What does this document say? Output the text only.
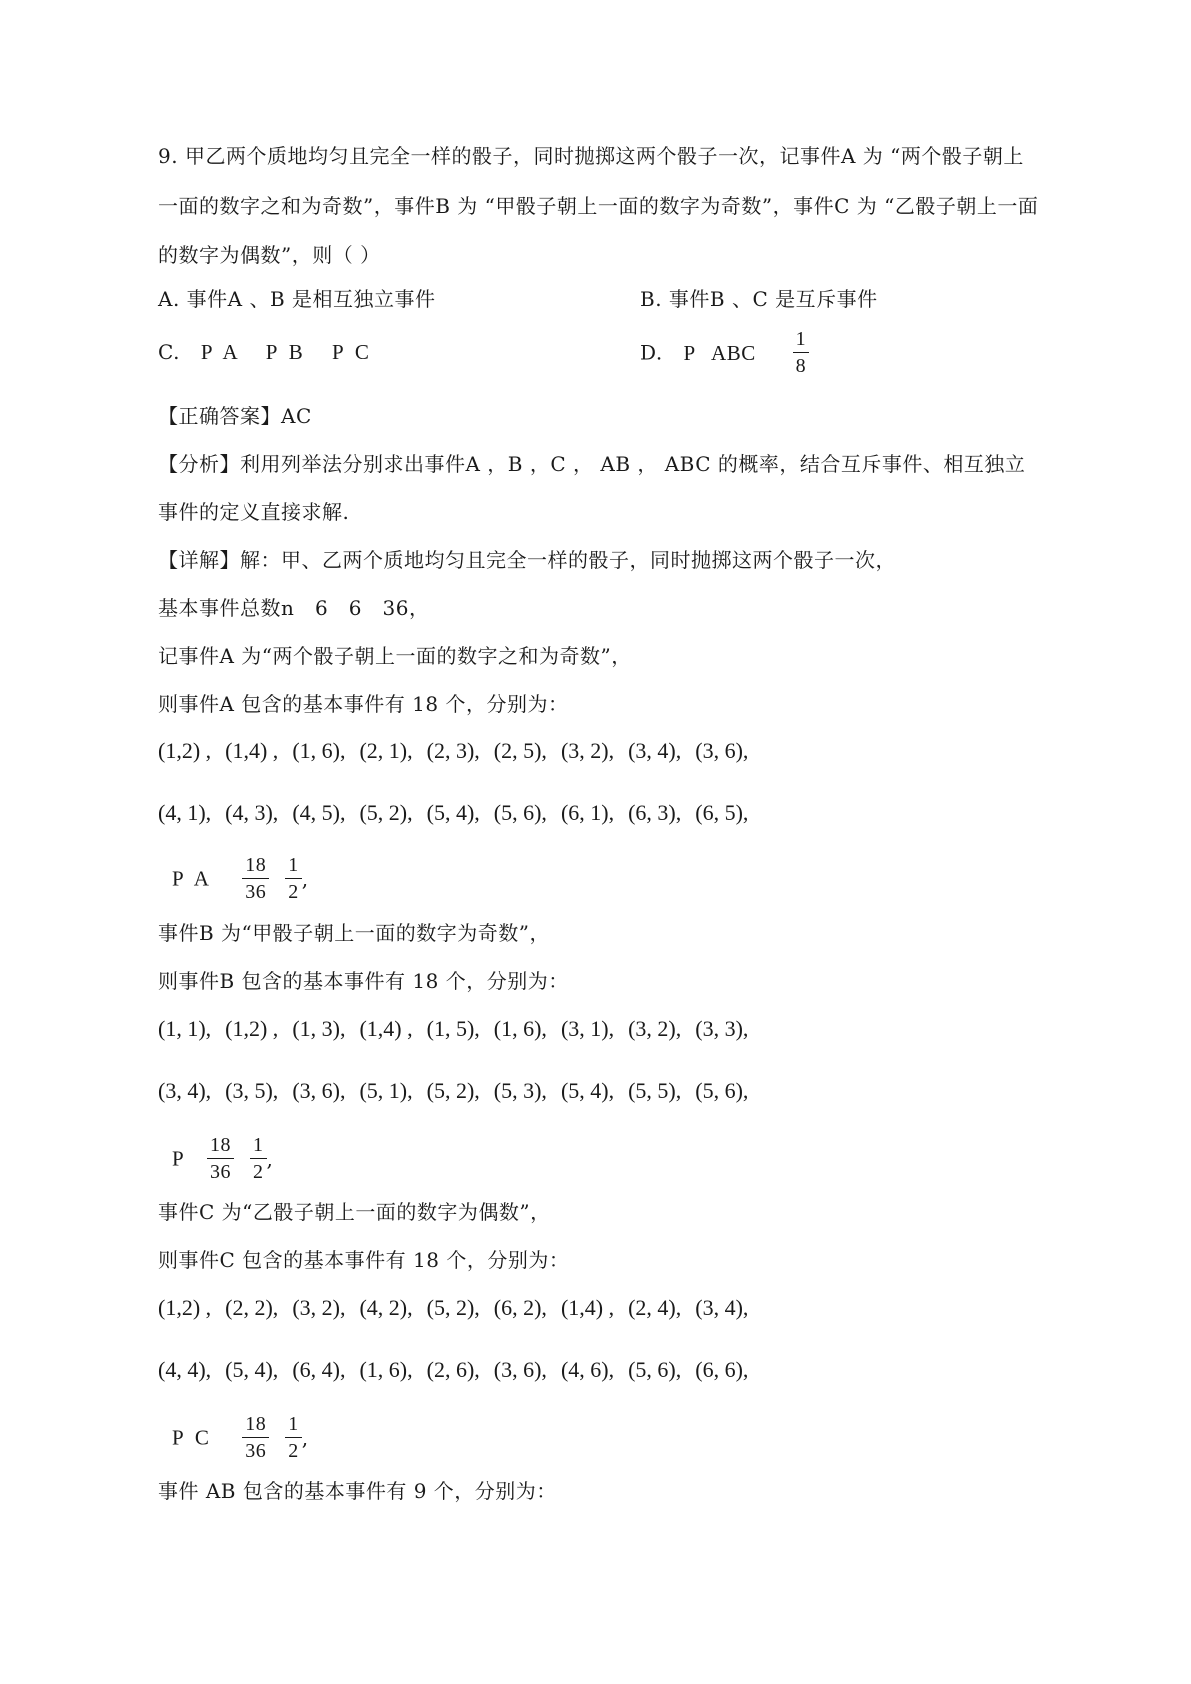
9. 甲乙两个质地均匀且完全一样的骰子，同时抛掷这两个骰子一次，记事件A 为 “两个骰子朝上
一面的数字之和为奇数”，事件B 为 “甲骰子朝上一面的数字为奇数”，事件C 为 “乙骰子朝上一面
的数字为偶数”，则（ ）
A. 事件A 、B 是相互独立事件	B. 事件B 、C 是互斥事件
C. P  A     P  B     P  C	D. P   ABC $\frac{1}{8}$
【正确答案】AC
【分析】利用列举法分别求出事件A ，B ，C ， AB ， ABC 的概率，结合互斥事件、相互独立
事件的定义直接求解.
【详解】解：甲、乙两个质地均匀且完全一样的骰子，同时抛掷这两个骰子一次，
基本事件总数n   6   6   36，
记事件A 为“两个骰子朝上一面的数字之和为奇数”，
则事件A 包含的基本事件有 18 个，分别为：
(1,2) , (1,4) , (1, 6), (2, 1), (2, 3), (2, 5), (3, 2), (3, 4), (3, 6),
(4, 1), (4, 3), (4, 5), (5, 2), (5, 4), (5, 6), (6, 1), (6, 3), (6, 5),
P  A $\frac{18}{36} \frac{1}{2}$ ,
事件B 为“甲骰子朝上一面的数字为奇数”，
则事件B 包含的基本事件有 18 个，分别为：
(1, 1), (1,2) , (1, 3), (1,4) , (1, 5), (1, 6), (3, 1), (3, 2), (3, 3),
(3, 4), (3, 5), (3, 6), (5, 1), (5, 2), (5, 3), (5, 4), (5, 5), (5, 6),
P $\frac{18}{36} \frac{1}{2}$ ,
事件C 为“乙骰子朝上一面的数字为偶数”，
则事件C 包含的基本事件有 18 个，分别为：
(1,2) , (2, 2), (3, 2), (4, 2), (5, 2), (6, 2), (1,4) , (2, 4), (3, 4),
(4, 4), (5, 4), (6, 4), (1, 6), (2, 6), (3, 6), (4, 6), (5, 6), (6, 6),
P  C $\frac{18}{36} \frac{1}{2}$ ,
事件 AB 包含的基本事件有 9 个，分别为：
